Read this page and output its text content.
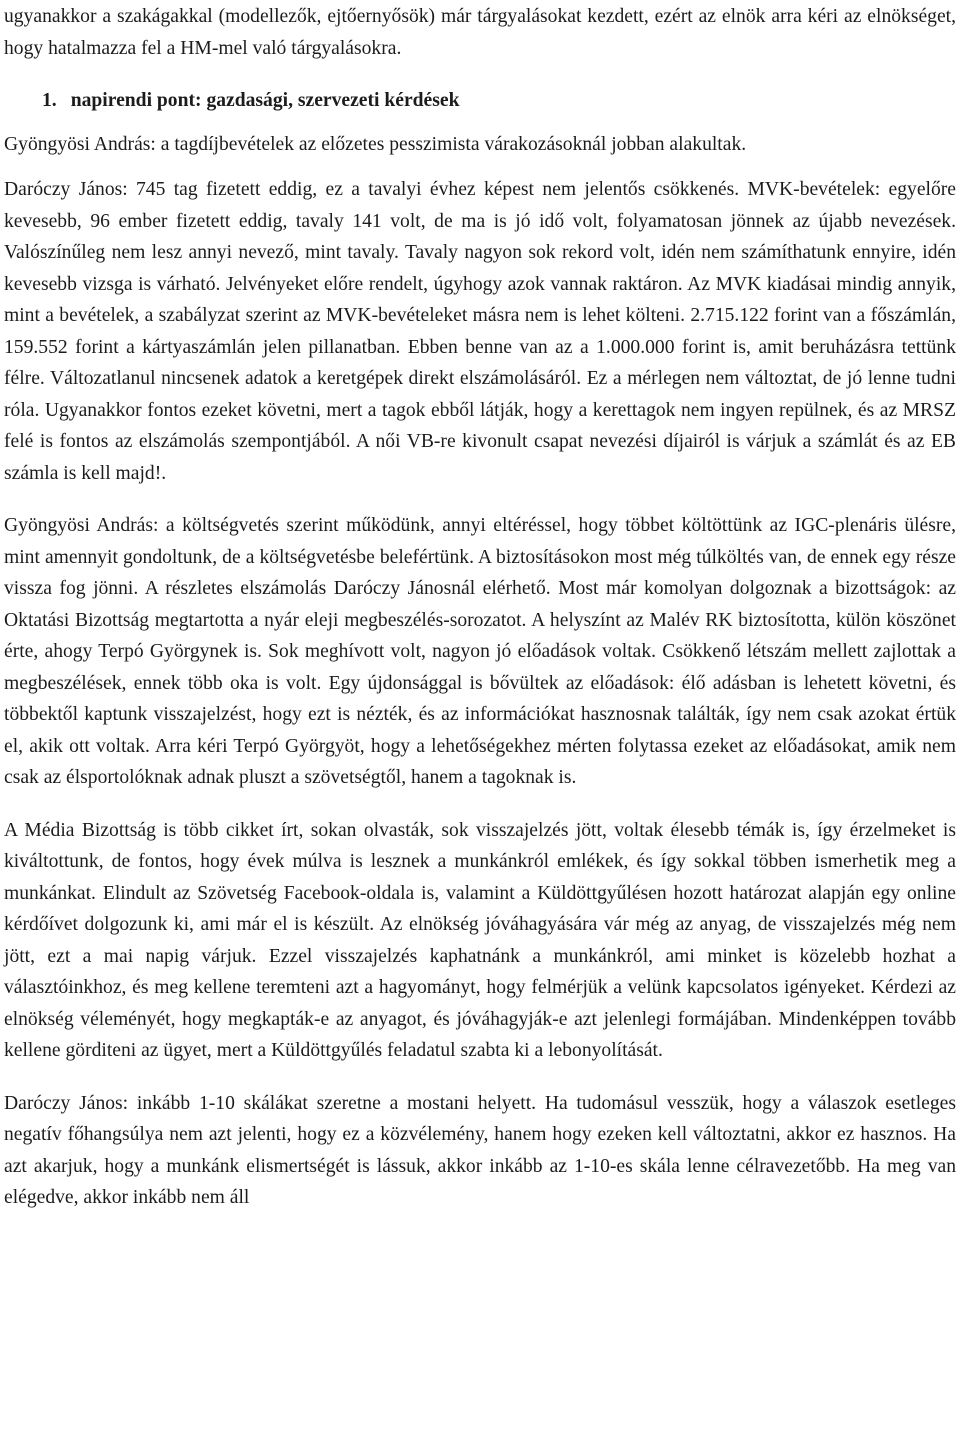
ugyanakkor a szakágakkal (modellezők, ejtőernyősök) már tárgyalásokat kezdett, ezért az elnök arra kéri az elnökséget, hogy hatalmazza fel a HM-mel való tárgyalásokra.

1. napirendi pont: gazdasági, szervezeti kérdések

Gyöngyösi András: a tagdíjbevételek az előzetes pesszimista várakozásoknál jobban alakultak.

Daróczy János: 745 tag fizetett eddig, ez a tavalyi évhez képest nem jelentős csökkenés. MVK-bevételek: egyelőre kevesebb, 96 ember fizetett eddig, tavaly 141 volt, de ma is jó idő volt, folyamatosan jönnek az újabb nevezések. Valószínűleg nem lesz annyi nevező, mint tavaly. Tavaly nagyon sok rekord volt, idén nem számíthatunk ennyire, idén kevesebb vizsga is várható. Jelvényeket előre rendelt, úgyhogy azok vannak raktáron. Az MVK kiadásai mindig annyik, mint a bevételek, a szabályzat szerint az MVK-bevételeket másra nem is lehet költeni. 2.715.122 forint van a főszámlán, 159.552 forint a kártyaszámlán jelen pillanatban. Ebben benne van az a 1.000.000 forint is, amit beruházásra tettünk félre. Változatlanul nincsenek adatok a keretgépek direkt elszámolásáról. Ez a mérlegen nem változtat, de jó lenne tudni róla. Ugyanakkor fontos ezeket követni, mert a tagok ebből látják, hogy a kerettagok nem ingyen repülnek, és az MRSZ felé is fontos az elszámolás szempontjából. A női VB-re kivonult csapat nevezési díjairól is várjuk a számlát és az EB számla is kell majd!.

Gyöngyösi András: a költségvetés szerint működünk, annyi eltéréssel, hogy többet költöttünk az IGC-plenáris ülésre, mint amennyit gondoltunk, de a költségvetésbe belefértünk. A biztosításokon most még túlköltés van, de ennek egy része vissza fog jönni. A részletes elszámolás Daróczy Jánosnál elérhető. Most már komolyan dolgoznak a bizottságok: az Oktatási Bizottság megtartotta a nyár eleji megbeszélés-sorozatot. A helyszínt az Malév RK biztosította, külön köszönet érte, ahogy Terpó Györgynek is. Sok meghívott volt, nagyon jó előadások voltak. Csökkenő létszám mellett zajlottak a megbeszélések, ennek több oka is volt. Egy újdonsággal is bővültek az előadások: élő adásban is lehetett követni, és többektől kaptunk visszajelzést, hogy ezt is nézték, és az információkat hasznosnak találták, így nem csak azokat értük el, akik ott voltak. Arra kéri Terpó Györgyöt, hogy a lehetőségekhez mérten folytassa ezeket az előadásokat, amik nem csak az élsportolóknak adnak pluszt a szövetségtől, hanem a tagoknak is.

A Média Bizottság is több cikket írt, sokan olvasták, sok visszajelzés jött, voltak élesebb témák is, így érzelmeket is kiváltottunk, de fontos, hogy évek múlva is lesznek a munkánkról emlékek, és így sokkal többen ismerhetik meg a munkánkat. Elindult az Szövetség Facebook-oldala is, valamint a Küldöttgyűlésen hozott határozat alapján egy online kérdőívet dolgozunk ki, ami már el is készült. Az elnökség jóváhagyására vár még az anyag, de visszajelzés még nem jött, ezt a mai napig várjuk. Ezzel visszajelzés kaphatnánk a munkánkról, ami minket is közelebb hozhat a választóinkhoz, és meg kellene teremteni azt a hagyományt, hogy felmérjük a velünk kapcsolatos igényeket. Kérdezi az elnökség véleményét, hogy megkapták-e az anyagot, és jóváhagyják-e azt jelenlegi formájában. Mindenképpen tovább kellene görditeni az ügyet, mert a Küldöttgyűlés feladatul szabta ki a lebonyolítását.

Daróczy János: inkább 1-10 skálákat szeretne a mostani helyett. Ha tudomásul vesszük, hogy a válaszok esetleges negatív főhangsúlya nem azt jelenti, hogy ez a közvélemény, hanem hogy ezeken kell változtatni, akkor ez hasznos. Ha azt akarjuk, hogy a munkánk elismertségét is lássuk, akkor inkább az 1-10-es skála lenne célravezetőbb. Ha meg van elégedve, akkor inkább nem áll
